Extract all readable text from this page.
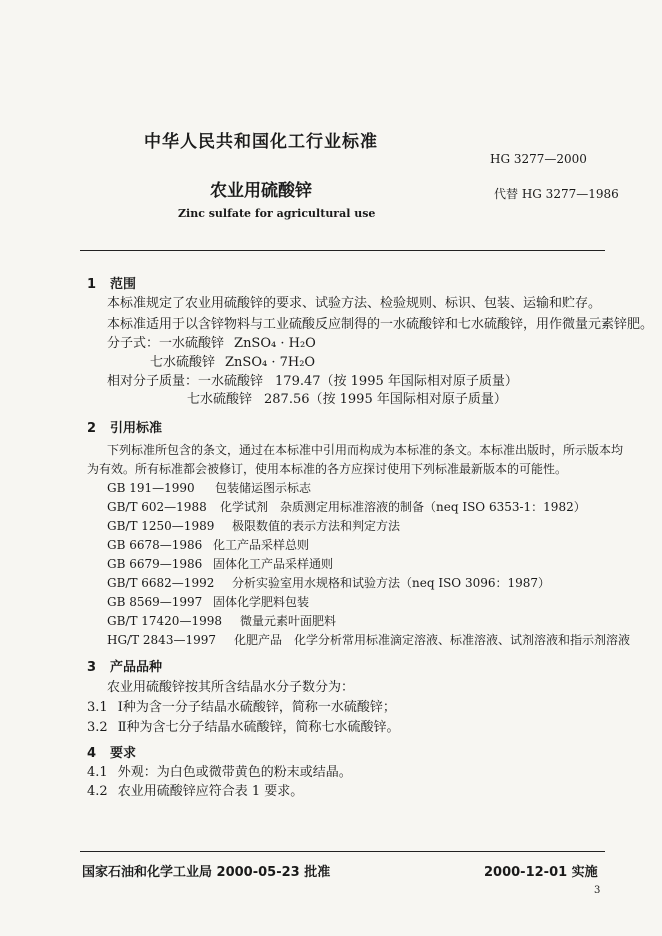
中华人民共和国化工行业标准
HG 3277—2000
农业用硫酸锌	代替 HG 3277—1986
Zinc sulfate for agricultural use
1 范围
本标准规定了农业用硫酸锌的要求、试验方法、检验规则、标识、包装、运输和贮存。
本标准适用于以含锌物料与工业硫酸反应制得的一水硫酸锌和七水硫酸锌，用作微量元素锌肥。
分子式：一水硫酸锌 ZnSO₄ · H₂O
七水硫酸锌 ZnSO₄ · 7H₂O
相对分子质量：一水硫酸锌 179.47（按 1995 年国际相对原子质量）
七水硫酸锌 287.56（按 1995 年国际相对原子质量）
2 引用标准
下列标准所包含的条文，通过在本标准中引用而构成为本标准的条文。本标准出版时，所示版本均
为有效。所有标准都会被修订，使用本标准的各方应探讨使用下列标准最新版本的可能性。
GB 191—1990 包装储运图示标志
GB/T 602—1988 化学试剂　杂质测定用标准溶液的制备（neq ISO 6353-1：1982）
GB/T 1250—1989 极限数值的表示方法和判定方法
GB 6678—1986 化工产品采样总则
GB 6679—1986 固体化工产品采样通则
GB/T 6682—1992 分析实验室用水规格和试验方法（neq ISO 3096：1987）
GB 8569—1997 固体化学肥料包装
GB/T 17420—1998 微量元素叶面肥料
HG/T 2843—1997 化肥产品　化学分析常用标准滴定溶液、标准溶液、试剂溶液和指示剂溶液
3 产品品种
农业用硫酸锌按其所含结晶水分子数分为：
3.1 Ⅰ种为含一分子结晶水硫酸锌，简称一水硫酸锌；
3.2 Ⅱ种为含七分子结晶水硫酸锌，简称七水硫酸锌。
4 要求
4.1 外观：为白色或微带黄色的粉末或结晶。
4.2 农业用硫酸锌应符合表 1 要求。
国家石油和化学工业局 2000-05-23 批准	2000-12-01 实施
3
